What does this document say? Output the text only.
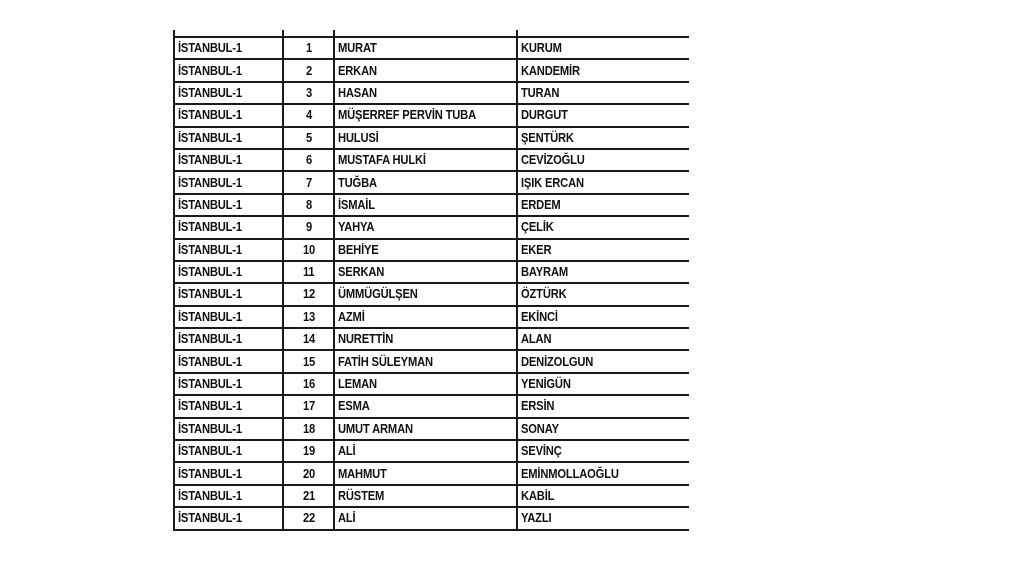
İSTANBUL-1	1	MURAT	KURUM
İSTANBUL-1	2	ERKAN	KANDEMİR
İSTANBUL-1	3	HASAN	TURAN
İSTANBUL-1	4	MÜŞERREF PERVİN TUBA	DURGUT
İSTANBUL-1	5	HULUSİ	ŞENTÜRK
İSTANBUL-1	6	MUSTAFA HULKİ	CEVİZOĞLU
İSTANBUL-1	7	TUĞBA	IŞIK ERCAN
İSTANBUL-1	8	İSMAİL	ERDEM
İSTANBUL-1	9	YAHYA	ÇELİK
İSTANBUL-1	10	BEHİYE	EKER
İSTANBUL-1	11	SERKAN	BAYRAM
İSTANBUL-1	12	ÜMMÜGÜLŞEN	ÖZTÜRK
İSTANBUL-1	13	AZMİ	EKİNCİ
İSTANBUL-1	14	NURETTİN	ALAN
İSTANBUL-1	15	FATİH SÜLEYMAN	DENİZOLGUN
İSTANBUL-1	16	LEMAN	YENİGÜN
İSTANBUL-1	17	ESMA	ERSİN
İSTANBUL-1	18	UMUT ARMAN	SONAY
İSTANBUL-1	19	ALİ	SEVİNÇ
İSTANBUL-1	20	MAHMUT	EMİNMOLLAOĞLU
İSTANBUL-1	21	RÜSTEM	KABİL
İSTANBUL-1	22	ALİ	YAZLI
